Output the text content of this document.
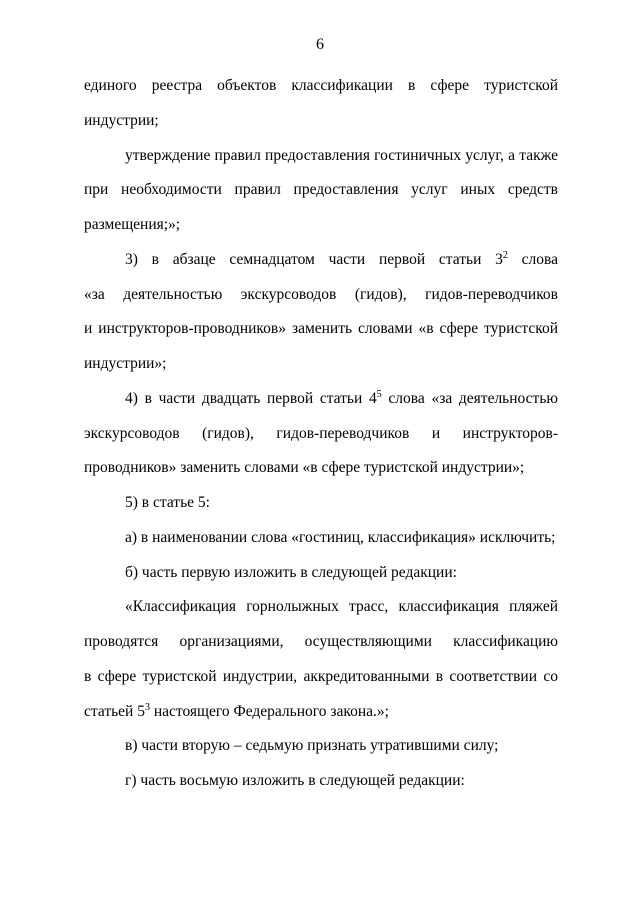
6
единого реестра объектов классификации в сфере туристской
индустрии;
утверждение правил предоставления гостиничных услуг, а также
при необходимости правил предоставления услуг иных средств
размещения;»;
3) в абзаце семнадцатом части первой статьи $3^2$ слова
«за деятельностью экскурсоводов (гидов), гидов-переводчиков
и инструкторов-проводников» заменить словами «в сфере туристской
индустрии»;
4) в части двадцать первой статьи $4^5$ слова «за деятельностью
экскурсоводов (гидов), гидов-переводчиков и инструкторов-
проводников» заменить словами «в сфере туристской индустрии»;
5) в статье 5:
а) в наименовании слова «гостиниц, классификация» исключить;
б) часть первую изложить в следующей редакции:
«Классификация горнолыжных трасс, классификация пляжей
проводятся организациями, осуществляющими классификацию
в сфере туристской индустрии, аккредитованными в соответствии со
статьей $5^3$ настоящего Федерального закона.»;
в) части вторую – седьмую признать утратившими силу;
г) часть восьмую изложить в следующей редакции:
